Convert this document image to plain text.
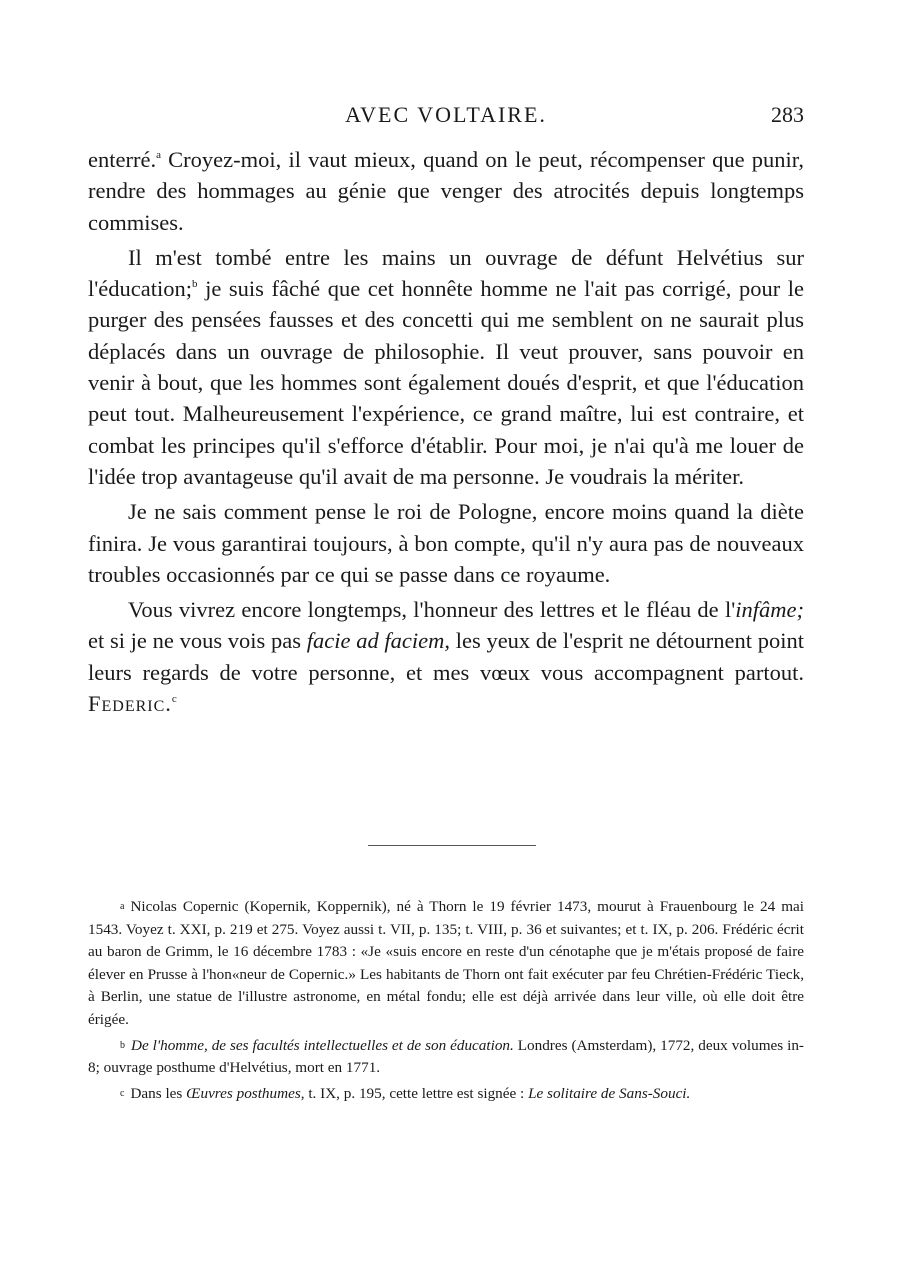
AVEC VOLTAIRE.	283

enterré.$^a$ Croyez-moi, il vaut mieux, quand on le peut, récompenser que punir, rendre des hommages au génie que venger des atrocités depuis longtemps commises.

Il m'est tombé entre les mains un ouvrage de défunt Helvétius sur l'éducation;$^b$ je suis fâché que cet honnête homme ne l'ait pas corrigé, pour le purger des pensées fausses et des concetti qui me semblent on ne saurait plus déplacés dans un ouvrage de philosophie. Il veut prouver, sans pouvoir en venir à bout, que les hommes sont également doués d'esprit, et que l'éducation peut tout. Malheureusement l'expérience, ce grand maître, lui est contraire, et combat les principes qu'il s'efforce d'établir. Pour moi, je n'ai qu'à me louer de l'idée trop avantageuse qu'il avait de ma personne. Je voudrais la mériter.

Je ne sais comment pense le roi de Pologne, encore moins quand la diète finira. Je vous garantirai toujours, à bon compte, qu'il n'y aura pas de nouveaux troubles occasionnés par ce qui se passe dans ce royaume.

Vous vivrez encore longtemps, l'honneur des lettres et le fléau de l'infâme; et si je ne vous vois pas facie ad faciem, les yeux de l'esprit ne détournent point leurs regards de votre personne, et mes vœux vous accompagnent partout. Federic.$^c$

a Nicolas Copernic (Kopernik, Koppernik), né à Thorn le 19 février 1473, mourut à Frauenbourg le 24 mai 1543. Voyez t. XXI, p. 219 et 275. Voyez aussi t. VII, p. 135; t. VIII, p. 36 et suivantes; et t. IX, p. 206. Frédéric écrit au baron de Grimm, le 16 décembre 1783 : «Je «suis encore en reste d'un cénotaphe que je m'étais proposé de faire élever en Prusse à l'hon«neur de Copernic.» Les habitants de Thorn ont fait exécuter par feu Chrétien-Frédéric Tieck, à Berlin, une statue de l'illustre astronome, en métal fondu; elle est déjà arrivée dans leur ville, où elle doit être érigée.

b De l'homme, de ses facultés intellectuelles et de son éducation. Londres (Amsterdam), 1772, deux volumes in-8; ouvrage posthume d'Helvétius, mort en 1771.

c Dans les Œuvres posthumes, t. IX, p. 195, cette lettre est signée : Le solitaire de Sans-Souci.
